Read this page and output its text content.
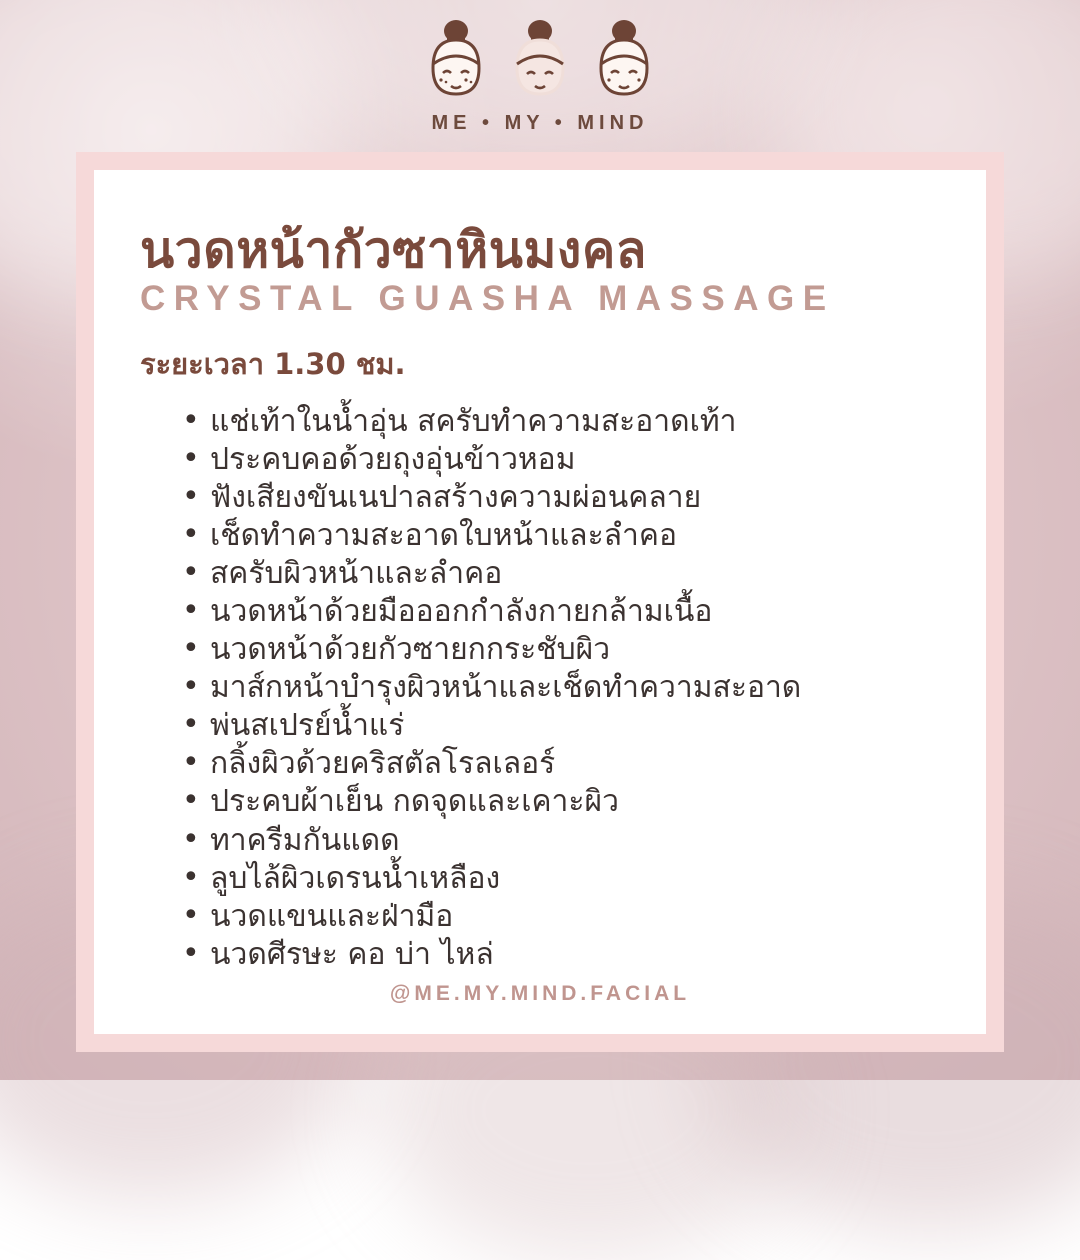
ME • MY • MIND
นวดหน้ากัวซาหินมงคล
CRYSTAL GUASHA MASSAGE
ระยะเวลา 1.30 ชม.
• แช่เท้าในน้ำอุ่น สครับทำความสะอาดเท้า
• ประคบคอด้วยถุงอุ่นข้าวหอม
• ฟังเสียงขันเนปาลสร้างความผ่อนคลาย
• เช็ดทำความสะอาดใบหน้าและลำคอ
• สครับผิวหน้าและลำคอ
• นวดหน้าด้วยมือออกกำลังกายกล้ามเนื้อ
• นวดหน้าด้วยกัวซายกกระชับผิว
• มาส์กหน้าบำรุงผิวหน้าและเช็ดทำความสะอาด
• พ่นสเปรย์น้ำแร่
• กลิ้งผิวด้วยคริสตัลโรลเลอร์
• ประคบผ้าเย็น กดจุดและเคาะผิว
• ทาครีมกันแดด
• ลูบไล้ผิวเดรนน้ำเหลือง
• นวดแขนและฝ่ามือ
• นวดศีรษะ คอ บ่า ไหล่
@ME.MY.MIND.FACIAL
